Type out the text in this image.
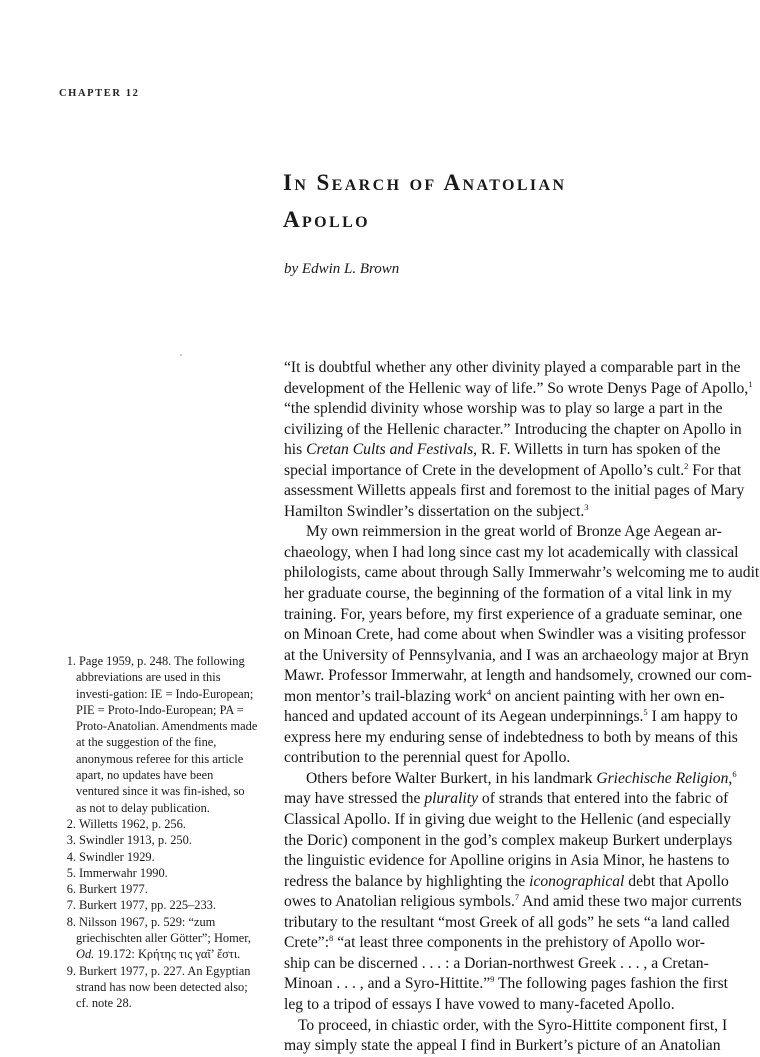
CHAPTER 12
In Search of Anatolian
Apollo
by Edwin L. Brown
“It is doubtful whether any other divinity played a comparable part in the
development of the Hellenic way of life.” So wrote Denys Page of Apollo,$^1$
“the splendid divinity whose worship was to play so large a part in the
civilizing of the Hellenic character.” Introducing the chapter on Apollo in
his Cretan Cults and Festivals, R. F. Willetts in turn has spoken of the
special importance of Crete in the development of Apollo’s cult.$^2$ For that
assessment Willetts appeals first and foremost to the initial pages of Mary
Hamilton Swindler’s dissertation on the subject.$^3$
My own reimmersion in the great world of Bronze Age Aegean ar-
chaeology, when I had long since cast my lot academically with classical
philologists, came about through Sally Immerwahr’s welcoming me to audit
her graduate course, the beginning of the formation of a vital link in my
training. For, years before, my first experience of a graduate seminar, one
on Minoan Crete, had come about when Swindler was a visiting professor
at the University of Pennsylvania, and I was an archaeology major at Bryn
Mawr. Professor Immerwahr, at length and handsomely, crowned our com-
mon mentor’s trail-blazing work$^4$ on ancient painting with her own en-
hanced and updated account of its Aegean underpinnings.$^5$ I am happy to
express here my enduring sense of indebtedness to both by means of this
contribution to the perennial quest for Apollo.
Others before Walter Burkert, in his landmark Griechische Religion,$^6$
may have stressed the plurality of strands that entered into the fabric of
Classical Apollo. If in giving due weight to the Hellenic (and especially
the Doric) component in the god’s complex makeup Burkert underplays
the linguistic evidence for Apolline origins in Asia Minor, he hastens to
redress the balance by highlighting the iconographical debt that Apollo
owes to Anatolian religious symbols.$^7$ And amid these two major currents
tributary to the resultant “most Greek of all gods” he sets “a land called
Crete”:$^8$ “at least three components in the prehistory of Apollo wor-
ship can be discerned . . . : a Dorian-northwest Greek . . . , a Cretan-
Minoan . . . , and a Syro-Hittite.”$^9$ The following pages fashion the first
leg to a tripod of essays I have vowed to many-faceted Apollo.
To proceed, in chiastic order, with the Syro-Hittite component first, I
may simply state the appeal I find in Burkert’s picture of an Anatolian

1. Page 1959, p. 248. The following abbreviations are used in this investi-gation: IE = Indo-European; PIE = Proto-Indo-European; PA = Proto-Anatolian. Amendments made at the suggestion of the fine, anonymous referee for this article apart, no updates have been ventured since it was fin-ished, so as not to delay publication.

2. Willetts 1962, p. 256.

3. Swindler 1913, p. 250.

4. Swindler 1929.

5. Immerwahr 1990.

6. Burkert 1977.

7. Burkert 1977, pp. 225–233.

8. Nilsson 1967, p. 529: “zum griechischten aller Götter”; Homer, Od. 19.172: Κρήτης τις γαῖ’ ἔστι.

9. Burkert 1977, p. 227. An Egyptian strand has now been detected also; cf. note 28.
